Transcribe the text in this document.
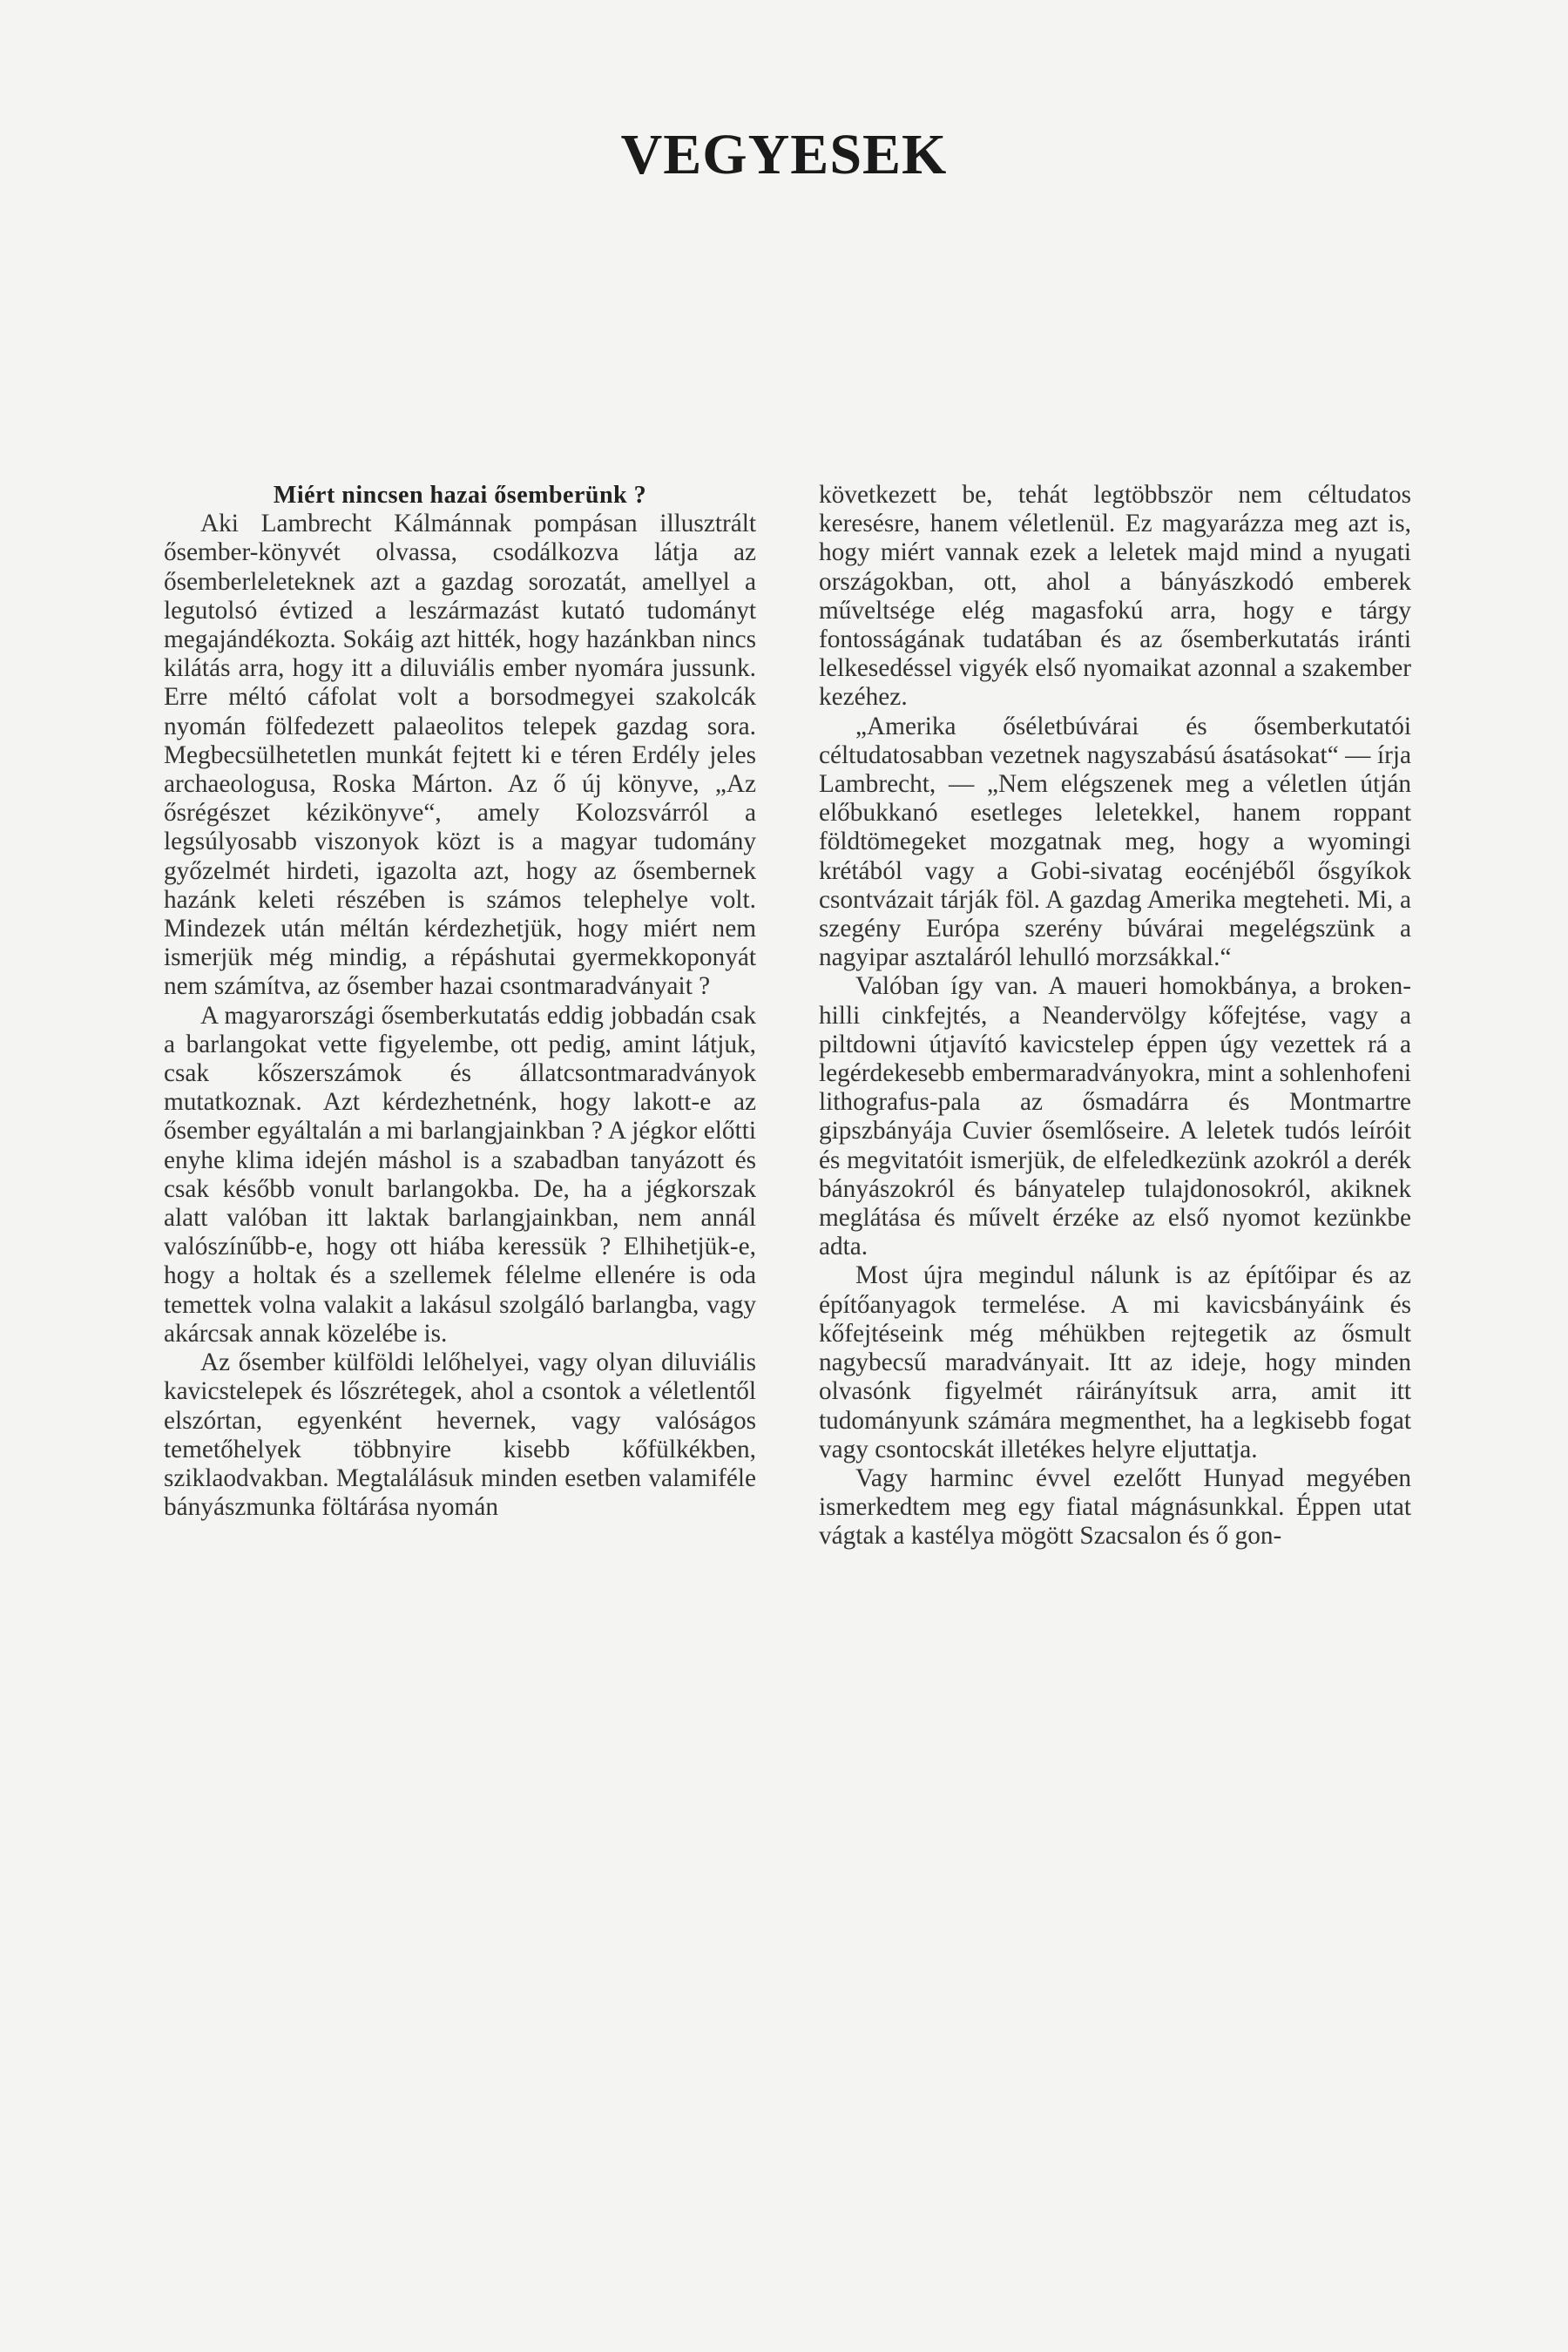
VEGYESEK

Miért nincsen hazai ősemberünk ?

Aki Lambrecht Kálmánnak pompásan illusztrált ősember-könyvét olvassa, csodálkozva látja az ősemberleleteknek azt a gazdag sorozatát, amellyel a legutolsó évtized a leszármazást kutató tudományt megajándékozta. Sokáig azt hitték, hogy hazánkban nincs kilátás arra, hogy itt a diluviális ember nyomára jussunk. Erre méltó cáfolat volt a borsodmegyei szakolcák nyomán fölfedezett palaeolitos telepek gazdag sora. Megbecsülhetetlen munkát fejtett ki e téren Erdély jeles archaeologusa, Roska Márton. Az ő új könyve, „Az ősrégészet kézikönyve“, amely Kolozsvárról a legsúlyosabb viszonyok közt is a magyar tudomány győzelmét hirdeti, igazolta azt, hogy az ősembernek hazánk keleti részében is számos telephelye volt. Mindezek után méltán kérdezhetjük, hogy miért nem ismerjük még mindig, a répáshutai gyermekkoponyát nem számítva, az ősember hazai csontmaradványait ?

A magyarországi ősemberkutatás eddig jobbadán csak a barlangokat vette figyelembe, ott pedig, amint látjuk, csak kőszerszámok és állatcsontmaradványok mutatkoznak. Azt kérdezhetnénk, hogy lakott-e az ősember egyáltalán a mi barlangjainkban ? A jégkor előtti enyhe klima idején máshol is a szabadban tanyázott és csak később vonult barlangokba. De, ha a jégkorszak alatt valóban itt laktak barlangjainkban, nem annál valószínűbb-e, hogy ott hiába keressük ? Elhihetjük-e, hogy a holtak és a szellemek félelme ellenére is oda temettek volna valakit a lakásul szolgáló barlangba, vagy akárcsak annak közelébe is.

Az ősember külföldi lelőhelyei, vagy olyan diluviális kavicstelepek és lőszrétegek, ahol a csontok a véletlentől elszórtan, egyenként hevernek, vagy valóságos temetőhelyek többnyire kisebb kőfülkékben, sziklaodvakban. Megtalálásuk minden esetben valamiféle bányászmunka föltárása nyomán

következett be, tehát legtöbbször nem céltudatos keresésre, hanem véletlenül. Ez magyarázza meg azt is, hogy miért vannak ezek a leletek majd mind a nyugati országokban, ott, ahol a bányászkodó emberek műveltsége elég magasfokú arra, hogy e tárgy fontosságának tudatában és az ősemberkutatás iránti lelkesedéssel vigyék első nyomaikat azonnal a szakember kezéhez.

„Amerika őséletbúvárai és ősemberkutatói céltudatosabban vezetnek nagyszabású ásatásokat“ — írja Lambrecht, — „Nem elégszenek meg a véletlen útján előbukkanó esetleges leletekkel, hanem roppant földtömegeket mozgatnak meg, hogy a wyomingi krétából vagy a Gobi-sivatag eocénjéből ősgyíkok csontvázait tárják föl. A gazdag Amerika megteheti. Mi, a szegény Európa szerény búvárai megelégszünk a nagyipar asztaláról lehulló morzsákkal.“

Valóban így van. A maueri homokbánya, a broken-hilli cinkfejtés, a Neandervölgy kőfejtése, vagy a piltdowni útjavító kavicstelep éppen úgy vezettek rá a legérdekesebb embermaradványokra, mint a sohlenhofeni lithografus-pala az ősmadárra és Montmartre gipszbányája Cuvier ősemlőseire. A leletek tudós leíróit és megvitatóit ismerjük, de elfeledkezünk azokról a derék bányászokról és bányatelep tulajdonosokról, akiknek meglátása és művelt érzéke az első nyomot kezünkbe adta.

Most újra megindul nálunk is az építőipar és az építőanyagok termelése. A mi kavicsbányáink és kőfejtéseink még méhükben rejtegetik az ősmult nagybecsű maradványait. Itt az ideje, hogy minden olvasónk figyelmét ráirányítsuk arra, amit itt tudományunk számára megmenthet, ha a legkisebb fogat vagy csontocskát illetékes helyre eljuttatja.

Vagy harminc évvel ezelőtt Hunyad megyében ismerkedtem meg egy fiatal mágnásunkkal. Éppen utat vágtak a kastélya mögött Szacsalon és ő gon-
